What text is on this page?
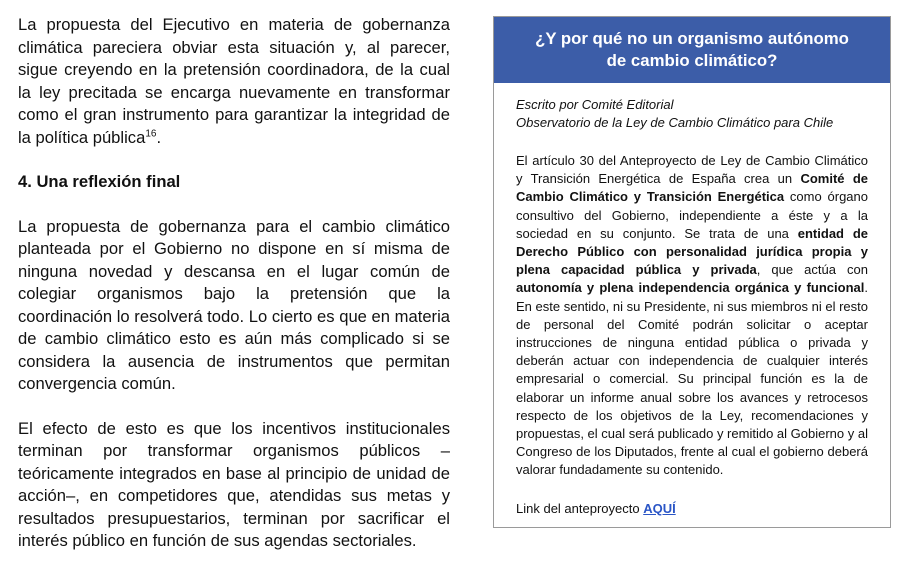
La propuesta del Ejecutivo en materia de gobernanza climática pareciera obviar esta situación y, al parecer, sigue creyendo en la pretensión coordinadora, de la cual la ley precitada se encarga nuevamente en transformar como el gran instrumento para garantizar la integridad de la política pública$^{16}$.

4. Una reflexión final

La propuesta de gobernanza para el cambio climático planteada por el Gobierno no dispone en sí misma de ninguna novedad y descansa en el lugar común de colegiar organismos bajo la pretensión que la coordinación lo resolverá todo. Lo cierto es que en materia de cambio climático esto es aún más complicado si se considera la ausencia de instrumentos que permitan convergencia común.

El efecto de esto es que los incentivos institucionales terminan por transformar organismos públicos –teóricamente integrados en base al principio de unidad de acción–, en competidores que, atendidas sus metas y resultados presupuestarios, terminan por sacrificar el interés público en función de sus agendas sectoriales.

¿Y por qué no un organismo autónomo de cambio climático?
Escrito por Comité Editorial
Observatorio de la Ley de Cambio Climático para Chile
El artículo 30 del Anteproyecto de Ley de Cambio Climático y Transición Energética de España crea un Comité de Cambio Climático y Transición Energética como órgano consultivo del Gobierno, independiente a éste y a la sociedad en su conjunto. Se trata de una entidad de Derecho Público con personalidad jurídica propia y plena capacidad pública y privada, que actúa con autonomía y plena independencia orgánica y funcional. En este sentido, ni su Presidente, ni sus miembros ni el resto de personal del Comité podrán solicitar o aceptar instrucciones de ninguna entidad pública o privada y deberán actuar con independencia de cualquier interés empresarial o comercial. Su principal función es la de elaborar un informe anual sobre los avances y retrocesos respecto de los objetivos de la Ley, recomendaciones y propuestas, el cual será publicado y remitido al Gobierno y al Congreso de los Diputados, frente al cual el gobierno deberá valorar fundadamente su contenido.
Link del anteproyecto AQUÍ
